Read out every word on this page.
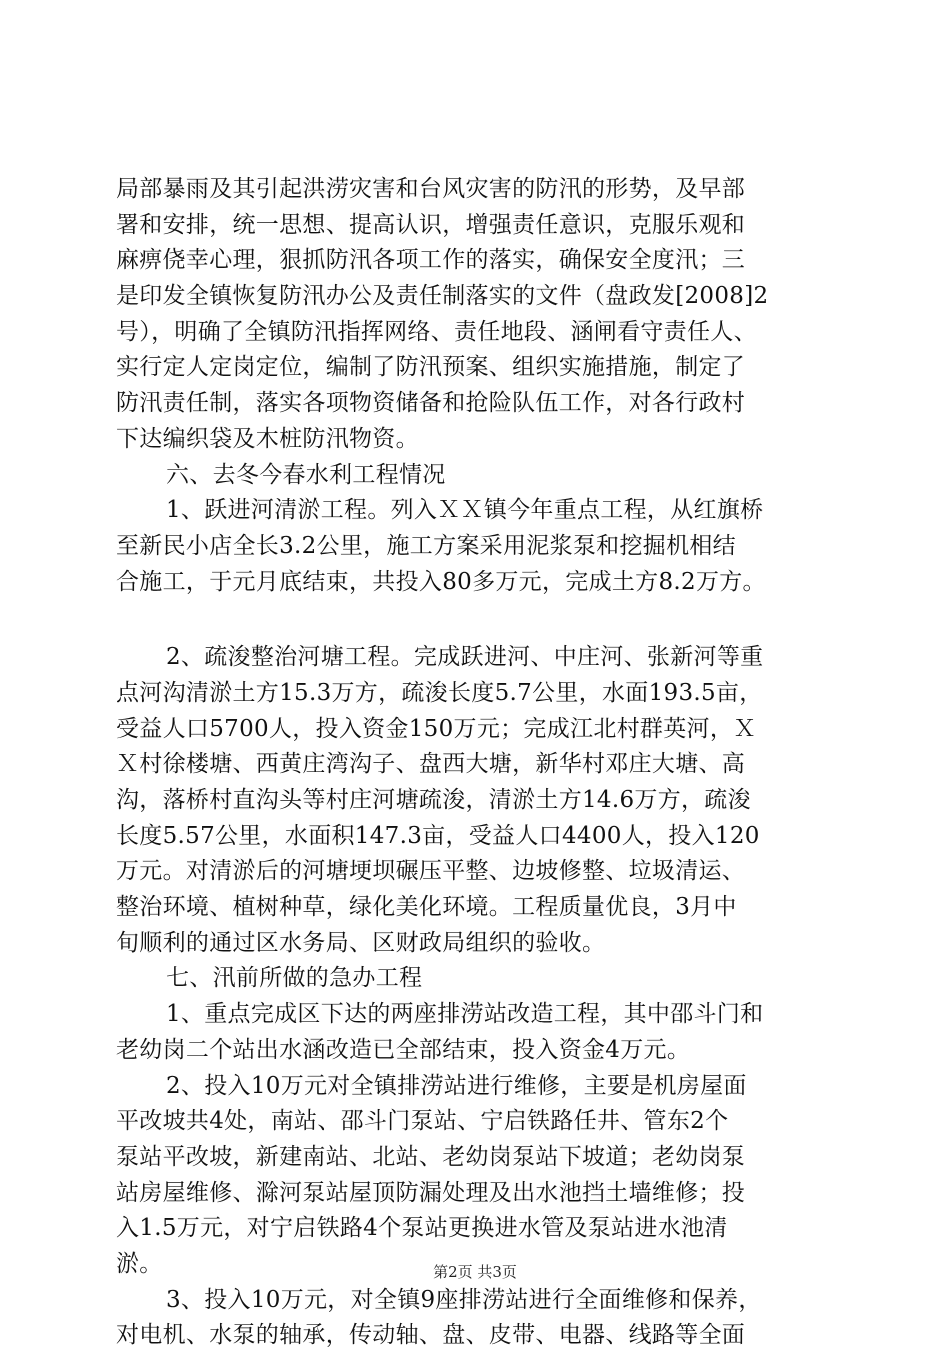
局部暴雨及其引起洪涝灾害和台风灾害的防汛的形势，及早部
署和安排，统一思想、提高认识，增强责任意识，克服乐观和
麻痹侥幸心理，狠抓防汛各项工作的落实，确保安全度汛；三
是印发全镇恢复防汛办公及责任制落实的文件（盘政发[2008]2
号），明确了全镇防汛指挥网络、责任地段、涵闸看守责任人、
实行定人定岗定位，编制了防汛预案、组织实施措施，制定了
防汛责任制，落实各项物资储备和抢险队伍工作，对各行政村
下达编织袋及木桩防汛物资。
六、去冬今春水利工程情况
1、跃进河清淤工程。列入ＸＸ镇今年重点工程，从红旗桥
至新民小店全长3.2公里，施工方案采用泥浆泵和挖掘机相结
合施工，于元月底结束，共投入80多万元，完成土方8.2万方。
2、疏浚整治河塘工程。完成跃进河、中庄河、张新河等重
点河沟清淤土方15.3万方，疏浚长度5.7公里，水面193.5亩，
受益人口5700人，投入资金150万元；完成江北村群英河，Ｘ
Ｘ村徐楼塘、西黄庄湾沟子、盘西大塘，新华村邓庄大塘、高
沟，落桥村直沟头等村庄河塘疏浚，清淤土方14.6万方，疏浚
长度5.57公里，水面积147.3亩，受益人口4400人，投入120
万元。对清淤后的河塘埂坝碾压平整、边坡修整、垃圾清运、
整治环境、植树种草，绿化美化环境。工程质量优良，3月中
旬顺利的通过区水务局、区财政局组织的验收。
七、汛前所做的急办工程
1、重点完成区下达的两座排涝站改造工程，其中邵斗门和
老幼岗二个站出水涵改造已全部结束，投入资金4万元。
2、投入10万元对全镇排涝站进行维修，主要是机房屋面
平改坡共4处，南站、邵斗门泵站、宁启铁路任井、管东2个
泵站平改坡，新建南站、北站、老幼岗泵站下坡道；老幼岗泵
站房屋维修、滁河泵站屋顶防漏处理及出水池挡土墙维修；投
入1.5万元，对宁启铁路4个泵站更换进水管及泵站进水池清
淤。
3、投入10万元，对全镇9座排涝站进行全面维修和保养，
对电机、水泵的轴承，传动轴、盘、皮带、电器、线路等全面
第2页 共3页
